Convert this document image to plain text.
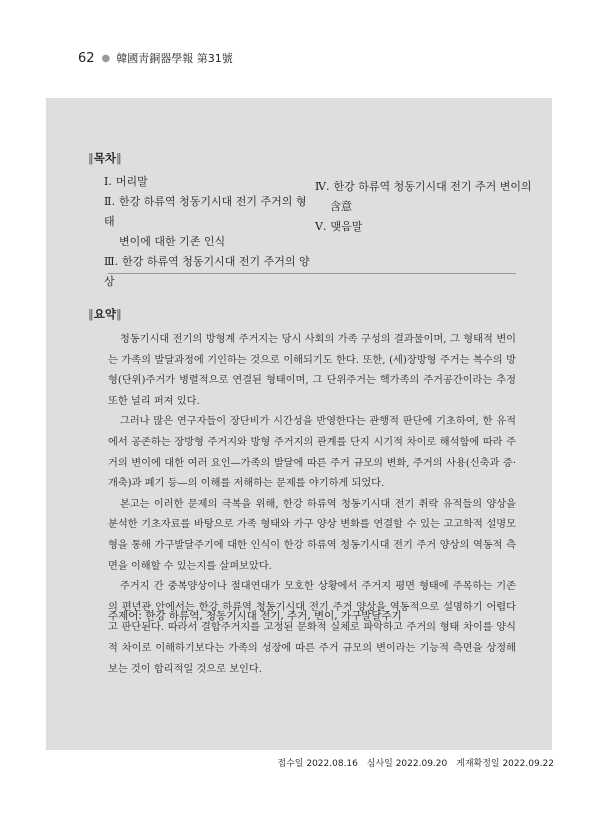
62 ● 韓國靑銅器學報 第31號
‖목차‖
Ⅰ. 머리말
Ⅱ. 한강 하류역 청동기시대 전기 주거의 형태
변이에 대한 기존 인식
Ⅲ. 한강 하류역 청동기시대 전기 주거의 양상
Ⅳ. 한강 하류역 청동기시대 전기 주거 변이의
含意
Ⅴ. 맺음말
‖요약‖

청동기시대 전기의 방형계 주거지는 당시 사회의 가족 구성의 결과물이며, 그 형태적 변이는 가족의 발달과정에 기인하는 것으로 이해되기도 한다. 또한, (세)장방형 주거는 복수의 방형(단위)주거가 병렬적으로 연결된 형태이며, 그 단위주거는 핵가족의 주거공간이라는 추정 또한 널리 퍼져 있다.

그러나 많은 연구자들이 장단비가 시간성을 반영한다는 관행적 판단에 기초하여, 한 유적에서 공존하는 장방형 주거지와 방형 주거지의 관계를 단지 시기적 차이로 해석함에 따라 주거의 변이에 대한 여러 요인—가족의 발달에 따른 주거 규모의 변화, 주거의 사용(신축과 증·개축)과 폐기 등—의 이해를 저해하는 문제를 야기하게 되었다.

본고는 이러한 문제의 극복을 위해, 한강 하류역 청동기시대 전기 취락 유적들의 양상을 분석한 기초자료를 바탕으로 가족 형태와 가구 양상 변화를 연결할 수 있는 고고학적 설명모형을 통해 가구발달주기에 대한 인식이 한강 하류역 청동기시대 전기 주거 양상의 역동적 측면을 이해할 수 있는지를 살펴보았다.

주거지 간 중복양상이나 절대연대가 모호한 상황에서 주거지 평면 형태에 주목하는 기존의 편년관 안에서는 한강 하류역 청동기시대 전기 주거 양상을 역동적으로 설명하기 어렵다고 판단된다. 따라서 결합주거지를 고정된 문화적 실체로 파악하고 주거의 형태 차이를 양식적 차이로 이해하기보다는 가족의 성장에 따른 주거 규모의 변이라는 기능적 측면을 상정해 보는 것이 합리적일 것으로 보인다.

주제어: 한강 하류역, 청동기시대 전기, 주거, 변이, 가구발달주기
접수일 2022.08.16 심사일 2022.09.20 게재확정일 2022.09.22
